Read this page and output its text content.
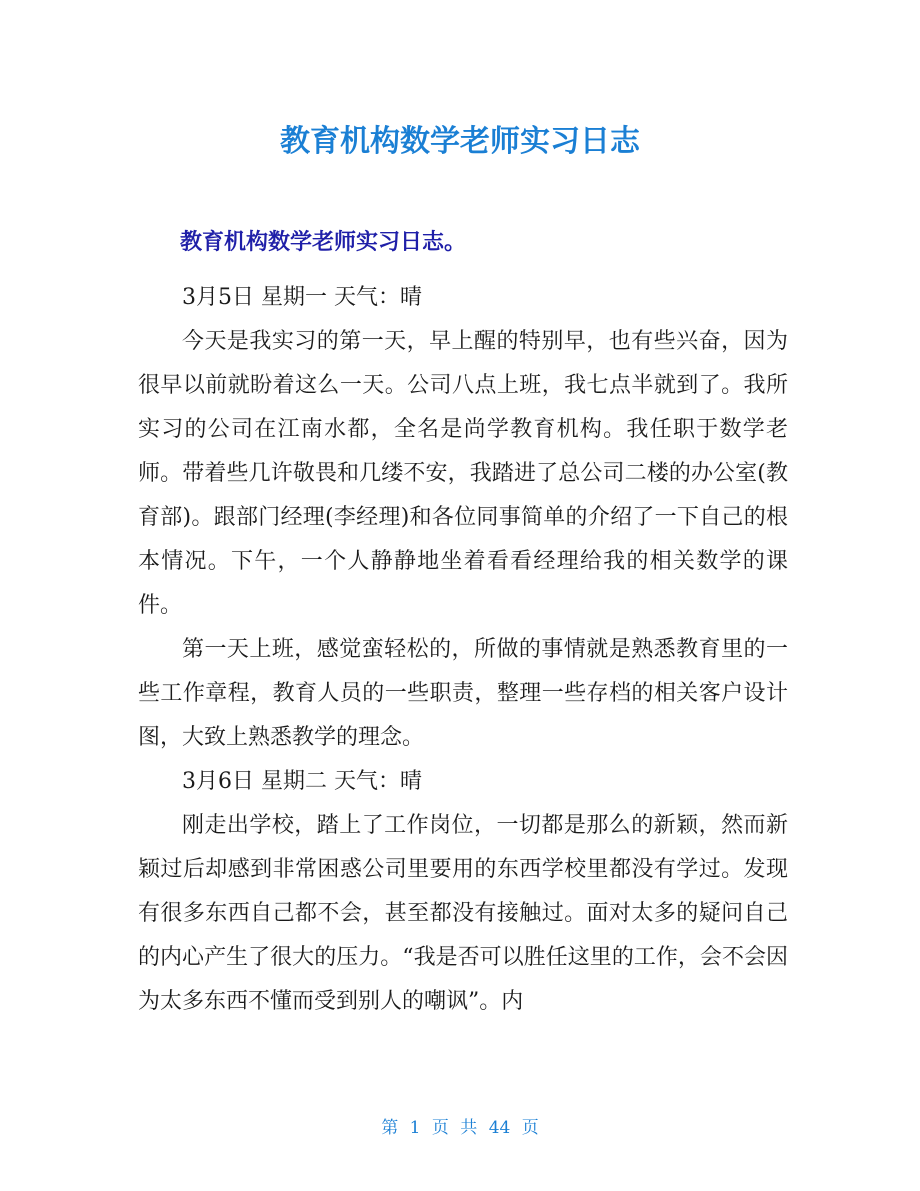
教育机构数学老师实习日志
教育机构数学老师实习日志。

3月5日 星期一 天气：晴

今天是我实习的第一天，早上醒的特别早，也有些兴奋，因为很早以前就盼着这么一天。公司八点上班，我七点半就到了。我所实习的公司在江南水都，全名是尚学教育机构。我任职于数学老师。带着些几许敬畏和几缕不安，我踏进了总公司二楼的办公室(教育部)。跟部门经理(李经理)和各位同事简单的介绍了一下自己的根本情况。下午，一个人静静地坐着看看经理给我的相关数学的课件。

第一天上班，感觉蛮轻松的，所做的事情就是熟悉教育里的一些工作章程，教育人员的一些职责，整理一些存档的相关客户设计图，大致上熟悉教学的理念。

3月6日 星期二 天气：晴

刚走出学校，踏上了工作岗位，一切都是那么的新颖，然而新颖过后却感到非常困惑公司里要用的东西学校里都没有学过。发现有很多东西自己都不会，甚至都没有接触过。面对太多的疑问自己的内心产生了很大的压力。“我是否可以胜任这里的工作，会不会因为太多东西不懂而受到别人的嘲讽”。内

第 1 页 共 44 页
